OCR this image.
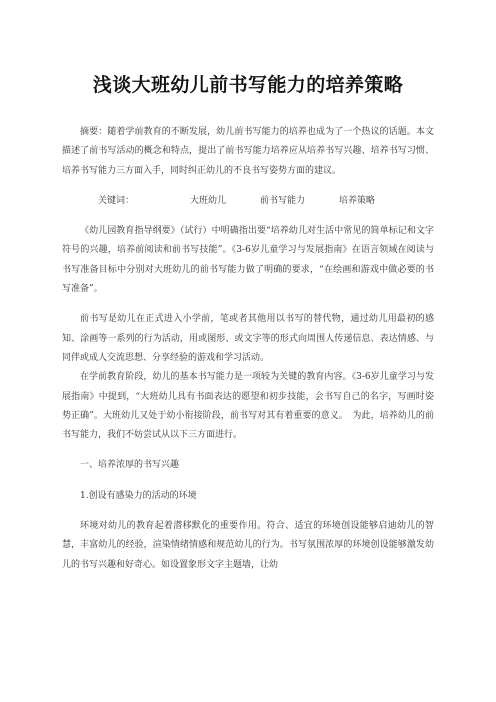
浅谈大班幼儿前书写能力的培养策略

摘要：随着学前教育的不断发展，幼儿前书写能力的培养也成为了一个热议的话题。本文描述了前书写活动的概念和特点，提出了前书写能力培养应从培养书写兴趣、培养书写习惯、培养书写能力三方面入手，同时纠正幼儿的不良书写姿势方面的建议。

关键词：	大班幼儿	前书写能力	培养策略

《幼儿园教育指导纲要》（试行）中明确指出要“培养幼儿对生活中常见的简单标记和文字符号的兴趣，培养前阅读和前书写技能”。《3-6岁儿童学习与发展指南》在语言领域在阅读与书写准备目标中分别对大班幼儿的前书写能力做了明确的要求，“在绘画和游戏中做必要的书写准备”。

前书写是幼儿在正式进入小学前，笔或者其他用以书写的替代物，通过幼儿用最初的感知、涂画等一系列的行为活动，用或图形、或文字等的形式向周围人传递信息、表达情感、与同伴或成人交流思想、分享经验的游戏和学习活动。

在学前教育阶段，幼儿的基本书写能力是一项较为关键的教育内容。《3-6岁儿童学习与发展指南》中提到，“大班幼儿具有书面表达的愿望和初步技能，会书写自己的名字，写画时姿势正确”。大班幼儿又处于幼小衔接阶段，前书写对其有着重要的意义。　为此，培养幼儿的前书写能力，我们不妨尝试从以下三方面进行。

一、培养浓厚的书写兴趣

1.创设有感染力的活动的环境

环境对幼儿的教育起着潜移默化的重要作用。符合、适宜的环境创设能够启迪幼儿的智慧，丰富幼儿的经验，渲染情绪情感和规范幼儿的行为。书写氛围浓厚的环境创设能够激发幼儿的书写兴趣和好奇心。如设置象形文字主题墙，让幼
